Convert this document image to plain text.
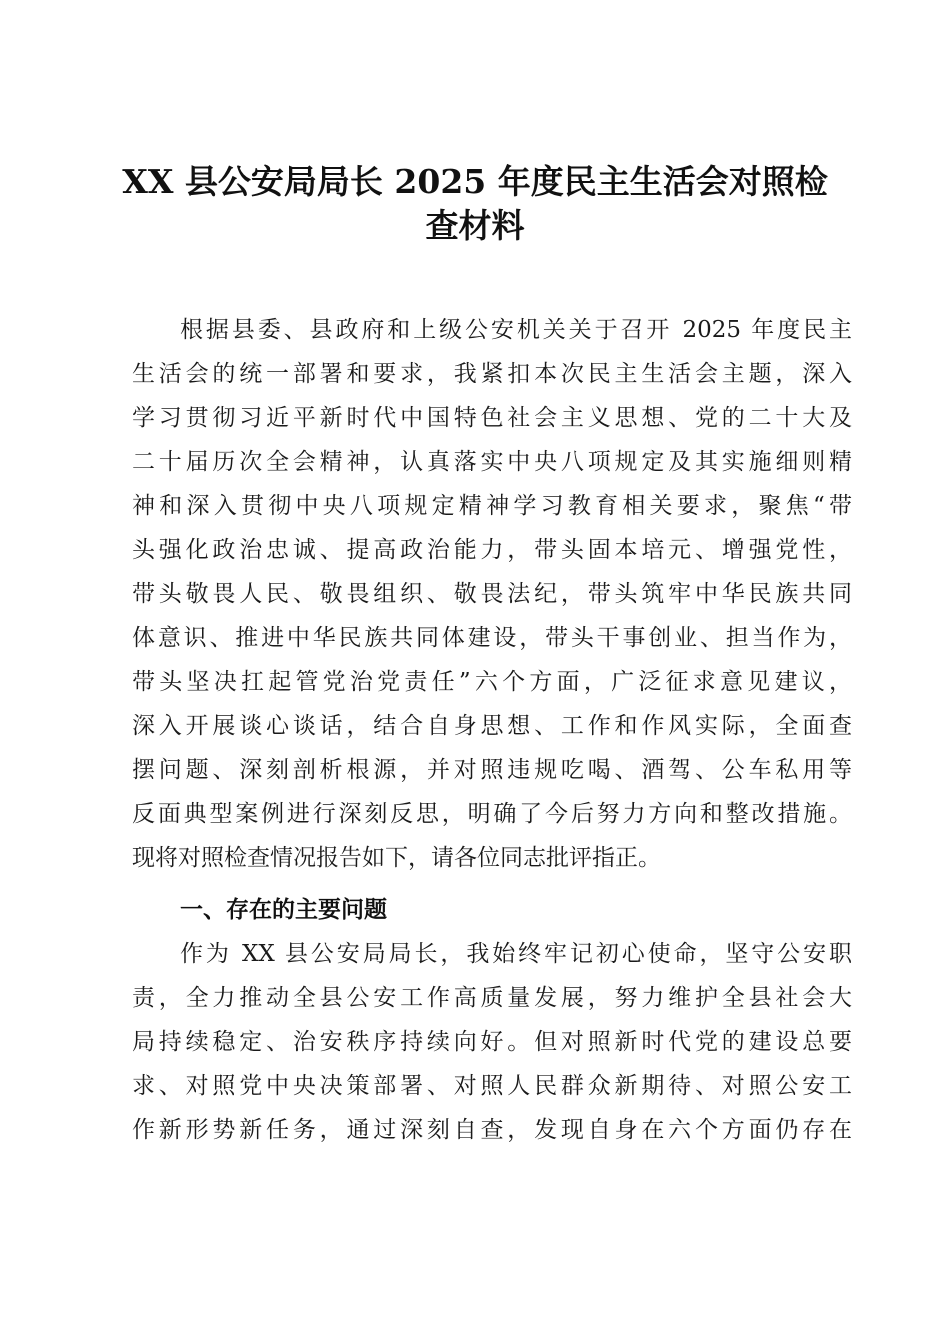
XX 县公安局局长 2025 年度民主生活会对照检
查材料
根据县委、县政府和上级公安机关关于召开 2025 年度民主
生活会的统一部署和要求，我紧扣本次民主生活会主题，深入
学习贯彻习近平新时代中国特色社会主义思想、党的二十大及
二十届历次全会精神，认真落实中央八项规定及其实施细则精
神和深入贯彻中央八项规定精神学习教育相关要求，聚焦“带
头强化政治忠诚、提高政治能力，带头固本培元、增强党性，
带头敬畏人民、敬畏组织、敬畏法纪，带头筑牢中华民族共同
体意识、推进中华民族共同体建设，带头干事创业、担当作为，
带头坚决扛起管党治党责任”六个方面，广泛征求意见建议，
深入开展谈心谈话，结合自身思想、工作和作风实际，全面查
摆问题、深刻剖析根源，并对照违规吃喝、酒驾、公车私用等
反面典型案例进行深刻反思，明确了今后努力方向和整改措施。
现将对照检查情况报告如下，请各位同志批评指正。
一、存在的主要问题
作为 XX 县公安局局长，我始终牢记初心使命，坚守公安职
责，全力推动全县公安工作高质量发展，努力维护全县社会大
局持续稳定、治安秩序持续向好。但对照新时代党的建设总要
求、对照党中央决策部署、对照人民群众新期待、对照公安工
作新形势新任务，通过深刻自查，发现自身在六个方面仍存在
